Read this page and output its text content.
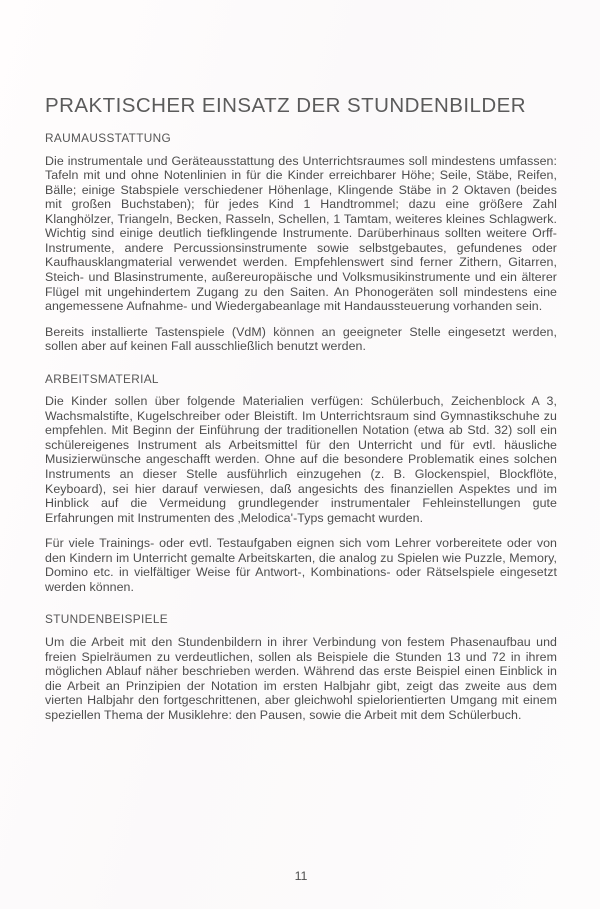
PRAKTISCHER EINSATZ DER STUNDENBILDER
RAUMAUSSTATTUNG

Die instrumentale und Geräteausstattung des Unterrichtsraumes soll mindestens umfassen: Tafeln mit und ohne Notenlinien in für die Kinder erreichbarer Höhe; Seile, Stäbe, Reifen, Bälle; einige Stabspiele verschiedener Höhenlage, Klingende Stäbe in 2 Oktaven (beides mit großen Buchstaben); für jedes Kind 1 Handtrommel; dazu eine größere Zahl Klanghölzer, Triangeln, Becken, Rasseln, Schellen, 1 Tamtam, weiteres kleines Schlagwerk. Wichtig sind einige deutlich tiefklingende Instrumente. Darüberhinaus sollten weitere Orff-Instrumente, andere Percussionsinstrumente sowie selbstgebautes, gefundenes oder Kaufhausklangmaterial verwendet werden. Empfehlenswert sind ferner Zithern, Gitarren, Steich- und Blasinstrumente, außereuropäische und Volksmusikinstrumente und ein älterer Flügel mit ungehindertem Zugang zu den Saiten. An Phonogeräten soll mindestens eine angemessene Aufnahme- und Wiedergabeanlage mit Handaussteuerung vorhanden sein.

Bereits installierte Tastenspiele (VdM) können an geeigneter Stelle eingesetzt werden, sollen aber auf keinen Fall ausschließlich benutzt werden.

ARBEITSMATERIAL

Die Kinder sollen über folgende Materialien verfügen: Schülerbuch, Zeichenblock A 3, Wachsmalstifte, Kugelschreiber oder Bleistift. Im Unterrichtsraum sind Gymnastikschuhe zu empfehlen. Mit Beginn der Einführung der traditionellen Notation (etwa ab Std. 32) soll ein schülereigenes Instrument als Arbeitsmittel für den Unterricht und für evtl. häusliche Musizierwünsche angeschafft werden. Ohne auf die besondere Problematik eines solchen Instruments an dieser Stelle ausführlich einzugehen (z. B. Glockenspiel, Blockflöte, Keyboard), sei hier darauf verwiesen, daß angesichts des finanziellen Aspektes und im Hinblick auf die Vermeidung grundlegender instrumentaler Fehleinstellungen gute Erfahrungen mit Instrumenten des ‚Melodica'-Typs gemacht wurden.

Für viele Trainings- oder evtl. Testaufgaben eignen sich vom Lehrer vorbereitete oder von den Kindern im Unterricht gemalte Arbeitskarten, die analog zu Spielen wie Puzzle, Memory, Domino etc. in vielfältiger Weise für Antwort-, Kombinations- oder Rätselspiele eingesetzt werden können.

STUNDENBEISPIELE

Um die Arbeit mit den Stundenbildern in ihrer Verbindung von festem Phasenaufbau und freien Spielräumen zu verdeutlichen, sollen als Beispiele die Stunden 13 und 72 in ihrem möglichen Ablauf näher beschrieben werden. Während das erste Beispiel einen Einblick in die Arbeit an Prinzipien der Notation im ersten Halbjahr gibt, zeigt das zweite aus dem vierten Halbjahr den fortgeschrittenen, aber gleichwohl spielorientierten Umgang mit einem speziellen Thema der Musiklehre: den Pausen, sowie die Arbeit mit dem Schülerbuch.

11
